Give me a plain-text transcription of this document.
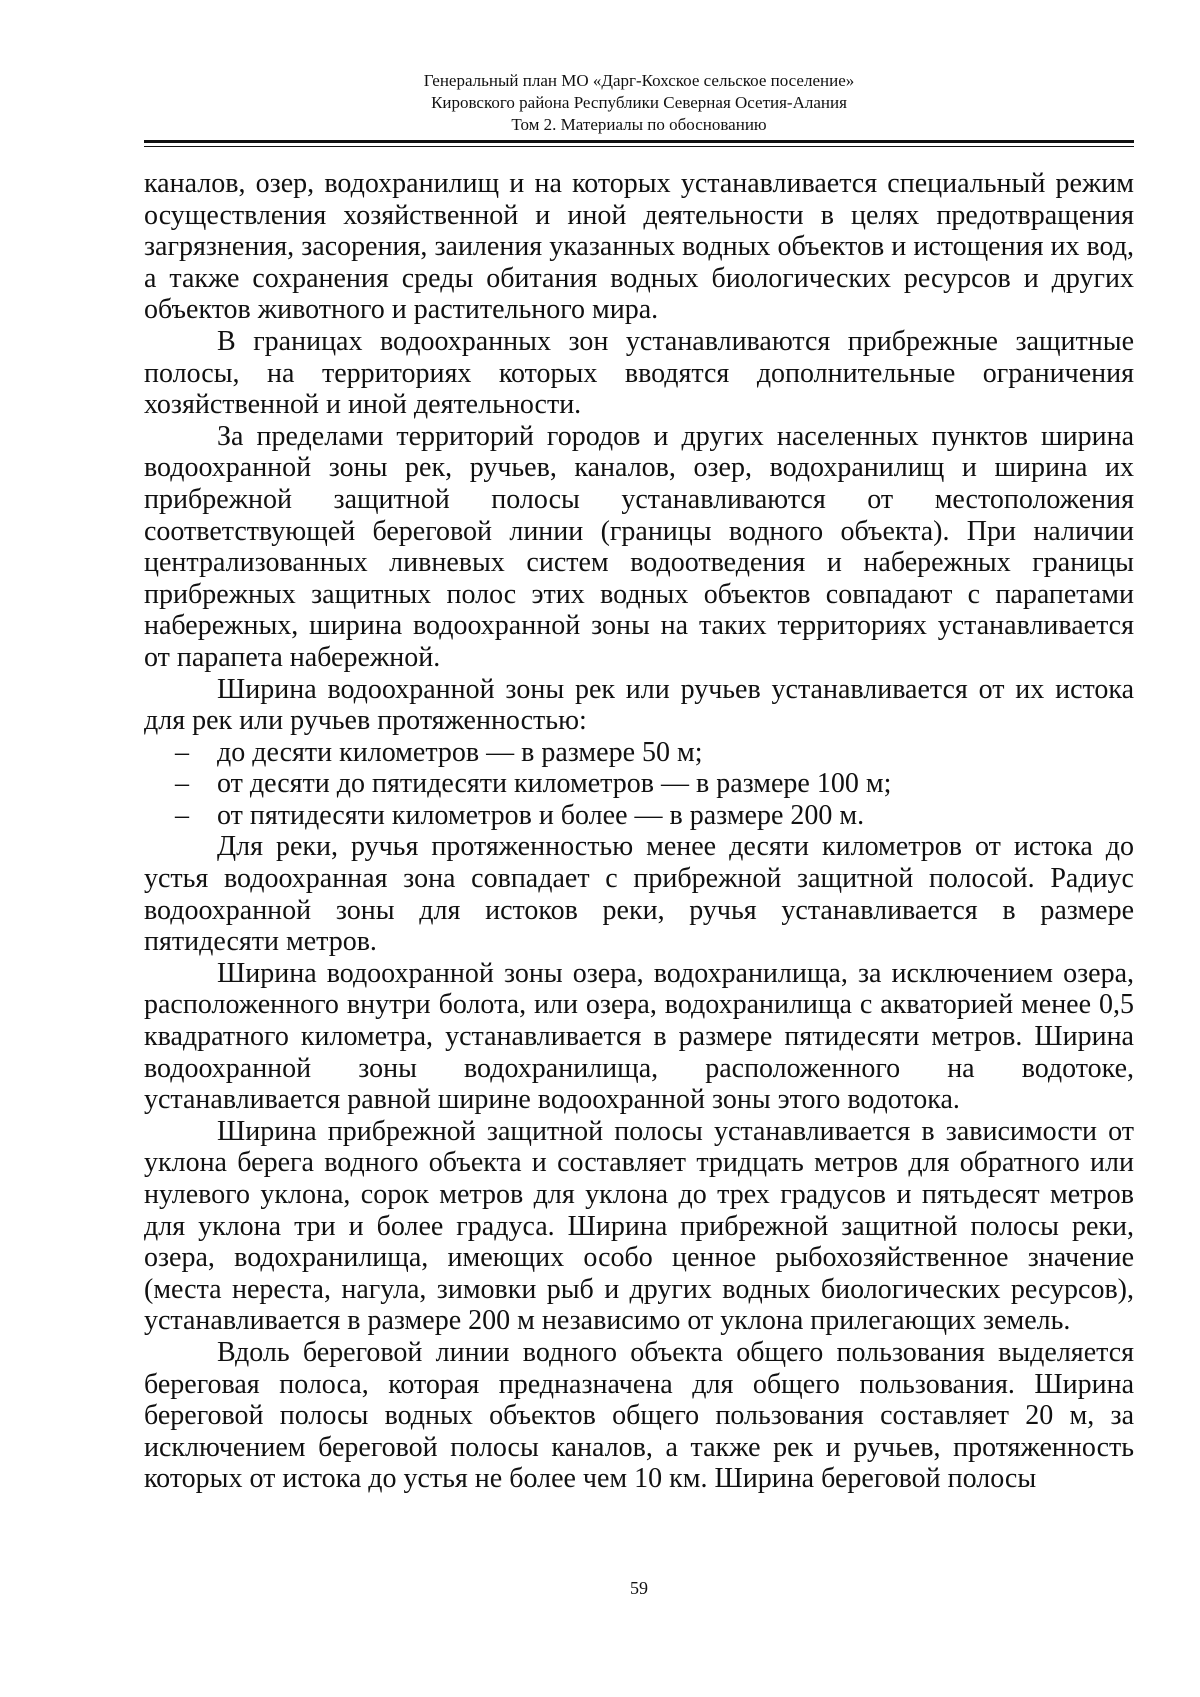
Генеральный план МО «Дарг-Кохское сельское поселение»
Кировского района Республики Северная Осетия-Алания
Том 2. Материалы по обоснованию

каналов, озер, водохранилищ и на которых устанавливается специальный режим осуществления хозяйственной и иной деятельности в целях предотвращения загрязнения, засорения, заиления указанных водных объектов и истощения их вод, а также сохранения среды обитания водных биологических ресурсов и других объектов животного и растительного мира.

В границах водоохранных зон устанавливаются прибрежные защитные полосы, на территориях которых вводятся дополнительные ограничения хозяйственной и иной деятельности.

За пределами территорий городов и других населенных пунктов ширина водоохранной зоны рек, ручьев, каналов, озер, водохранилищ и ширина их прибрежной защитной полосы устанавливаются от местоположения соответствующей береговой линии (границы водного объекта). При наличии централизованных ливневых систем водоотведения и набережных границы прибрежных защитных полос этих водных объектов совпадают с парапетами набережных, ширина водоохранной зоны на таких территориях устанавливается от парапета набережной.

Ширина водоохранной зоны рек или ручьев устанавливается от их истока для рек или ручьев протяженностью:

– до десяти километров — в размере 50 м;
– от десяти до пятидесяти километров — в размере 100 м;
– от пятидесяти километров и более — в размере 200 м.

Для реки, ручья протяженностью менее десяти километров от истока до устья водоохранная зона совпадает с прибрежной защитной полосой. Радиус водоохранной зоны для истоков реки, ручья устанавливается в размере пятидесяти метров.

Ширина водоохранной зоны озера, водохранилища, за исключением озера, расположенного внутри болота, или озера, водохранилища с акваторией менее 0,5 квадратного километра, устанавливается в размере пятидесяти метров. Ширина водоохранной зоны водохранилища, расположенного на водотоке, устанавливается равной ширине водоохранной зоны этого водотока.

Ширина прибрежной защитной полосы устанавливается в зависимости от уклона берега водного объекта и составляет тридцать метров для обратного или нулевого уклона, сорок метров для уклона до трех градусов и пятьдесят метров для уклона три и более градуса. Ширина прибрежной защитной полосы реки, озера, водохранилища, имеющих особо ценное рыбохозяйственное значение (места нереста, нагула, зимовки рыб и других водных биологических ресурсов), устанавливается в размере 200 м независимо от уклона прилегающих земель.

Вдоль береговой линии водного объекта общего пользования выделяется береговая полоса, которая предназначена для общего пользования. Ширина береговой полосы водных объектов общего пользования составляет 20 м, за исключением береговой полосы каналов, а также рек и ручьев, протяженность которых от истока до устья не более чем 10 км. Ширина береговой полосы

59
